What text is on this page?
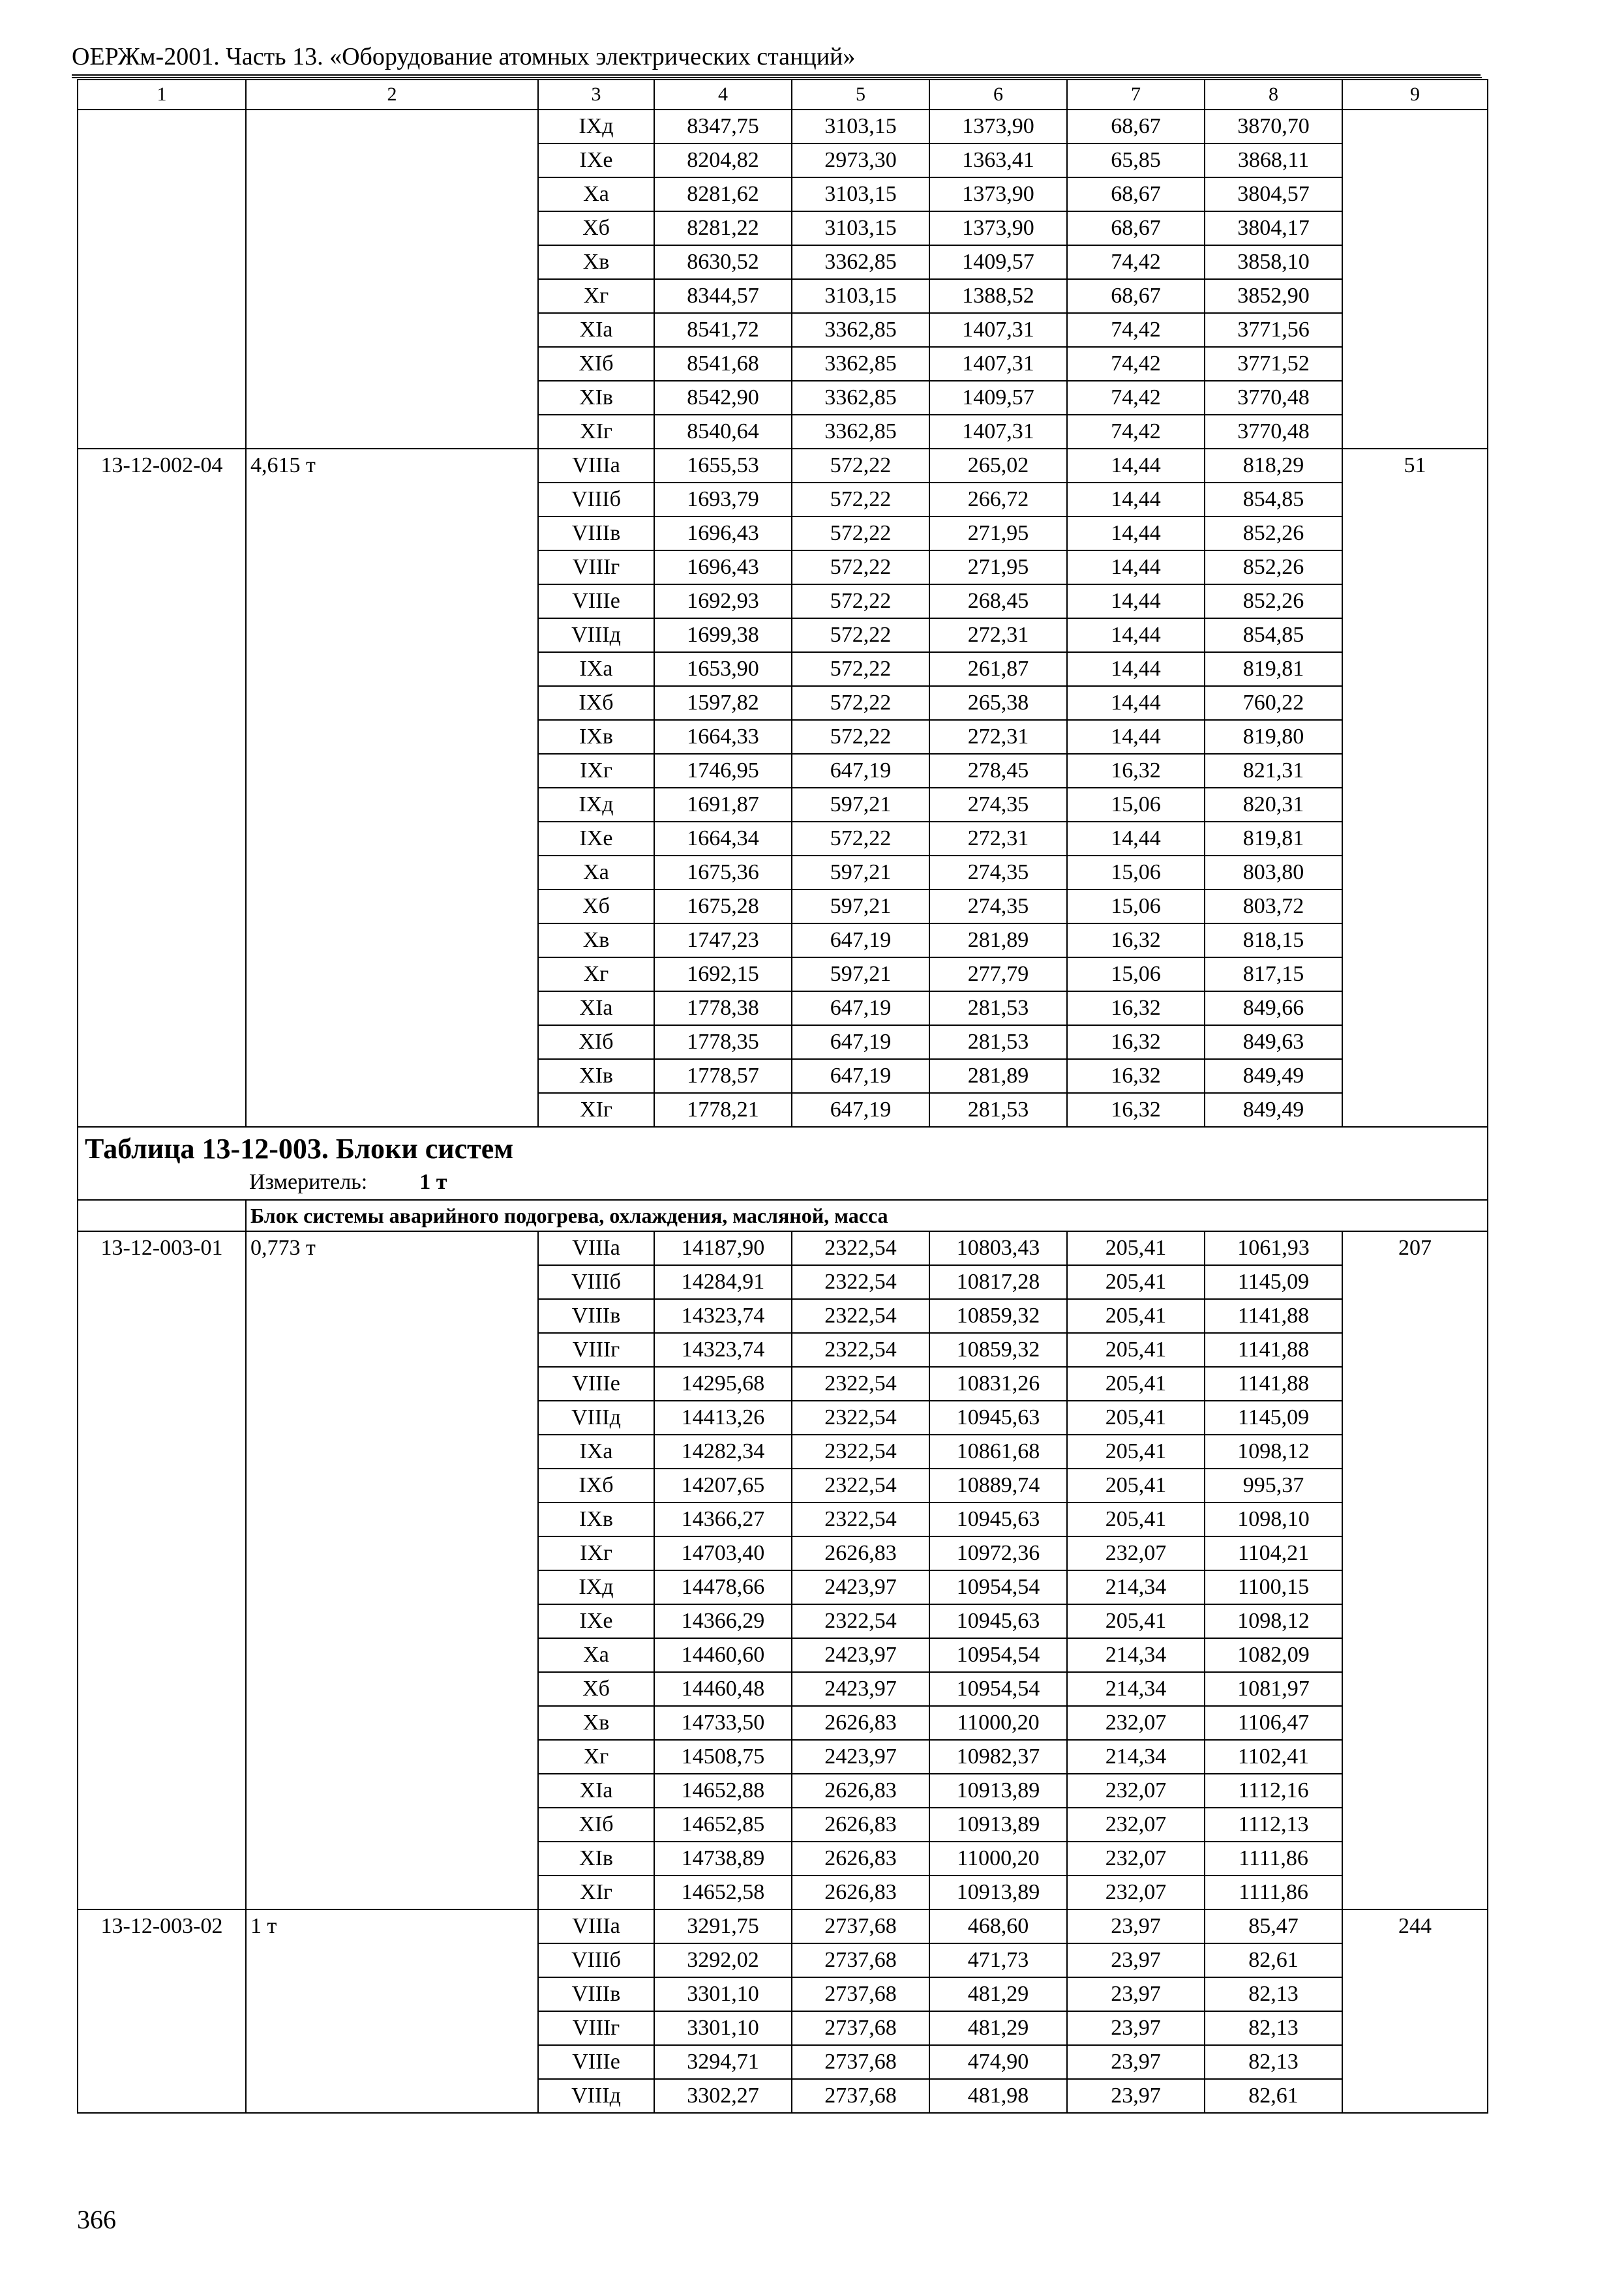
ОЕРЖм-2001. Часть 13. «Оборудование атомных электрических станций»
1	2	3	4	5	6	7	8	9
		IXд	8347,75	3103,15	1373,90	68,67	3870,70	
		IXe	8204,82	2973,30	1363,41	65,85	3868,11	
		Xa	8281,62	3103,15	1373,90	68,67	3804,57	
		Xб	8281,22	3103,15	1373,90	68,67	3804,17	
		Xв	8630,52	3362,85	1409,57	74,42	3858,10	
		Xг	8344,57	3103,15	1388,52	68,67	3852,90	
		XIa	8541,72	3362,85	1407,31	74,42	3771,56	
		XIб	8541,68	3362,85	1407,31	74,42	3771,52	
		XIв	8542,90	3362,85	1409,57	74,42	3770,48	
		XIг	8540,64	3362,85	1407,31	74,42	3770,48	
13-12-002-04	4,615 т	VIIIa	1655,53	572,22	265,02	14,44	818,29	51
		VIIIб	1693,79	572,22	266,72	14,44	854,85	
		VIIIв	1696,43	572,22	271,95	14,44	852,26	
		VIIIг	1696,43	572,22	271,95	14,44	852,26	
		VIIIe	1692,93	572,22	268,45	14,44	852,26	
		VIIIд	1699,38	572,22	272,31	14,44	854,85	
		IXa	1653,90	572,22	261,87	14,44	819,81	
		IXб	1597,82	572,22	265,38	14,44	760,22	
		IXв	1664,33	572,22	272,31	14,44	819,80	
		IXг	1746,95	647,19	278,45	16,32	821,31	
		IXд	1691,87	597,21	274,35	15,06	820,31	
		IXe	1664,34	572,22	272,31	14,44	819,81	
		Xa	1675,36	597,21	274,35	15,06	803,80	
		Xб	1675,28	597,21	274,35	15,06	803,72	
		Xв	1747,23	647,19	281,89	16,32	818,15	
		Xг	1692,15	597,21	277,79	15,06	817,15	
		XIa	1778,38	647,19	281,53	16,32	849,66	
		XIб	1778,35	647,19	281,53	16,32	849,63	
		XIв	1778,57	647,19	281,89	16,32	849,49	
		XIг	1778,21	647,19	281,53	16,32	849,49	

Таблица 13-12-003. Блоки систем
Измеритель: 1 т								

	Блок системы аварийного подогрева, охлаждения, масляной, масса							
13-12-003-01	0,773 т	VIIIa	14187,90	2322,54	10803,43	205,41	1061,93	207
		VIIIб	14284,91	2322,54	10817,28	205,41	1145,09	
		VIIIв	14323,74	2322,54	10859,32	205,41	1141,88	
		VIIIг	14323,74	2322,54	10859,32	205,41	1141,88	
		VIIIe	14295,68	2322,54	10831,26	205,41	1141,88	
		VIIIд	14413,26	2322,54	10945,63	205,41	1145,09	
		IXa	14282,34	2322,54	10861,68	205,41	1098,12	
		IXб	14207,65	2322,54	10889,74	205,41	995,37	
		IXв	14366,27	2322,54	10945,63	205,41	1098,10	
		IXг	14703,40	2626,83	10972,36	232,07	1104,21	
		IXд	14478,66	2423,97	10954,54	214,34	1100,15	
		IXe	14366,29	2322,54	10945,63	205,41	1098,12	
		Xa	14460,60	2423,97	10954,54	214,34	1082,09	
		Xб	14460,48	2423,97	10954,54	214,34	1081,97	
		Xв	14733,50	2626,83	11000,20	232,07	1106,47	
		Xг	14508,75	2423,97	10982,37	214,34	1102,41	
		XIa	14652,88	2626,83	10913,89	232,07	1112,16	
		XIб	14652,85	2626,83	10913,89	232,07	1112,13	
		XIв	14738,89	2626,83	11000,20	232,07	1111,86	
		XIг	14652,58	2626,83	10913,89	232,07	1111,86	
13-12-003-02	1 т	VIIIa	3291,75	2737,68	468,60	23,97	85,47	244
		VIIIб	3292,02	2737,68	471,73	23,97	82,61	
		VIIIв	3301,10	2737,68	481,29	23,97	82,13	
		VIIIг	3301,10	2737,68	481,29	23,97	82,13	
		VIIIe	3294,71	2737,68	474,90	23,97	82,13	
		VIIIд	3302,27	2737,68	481,98	23,97	82,61	
366
